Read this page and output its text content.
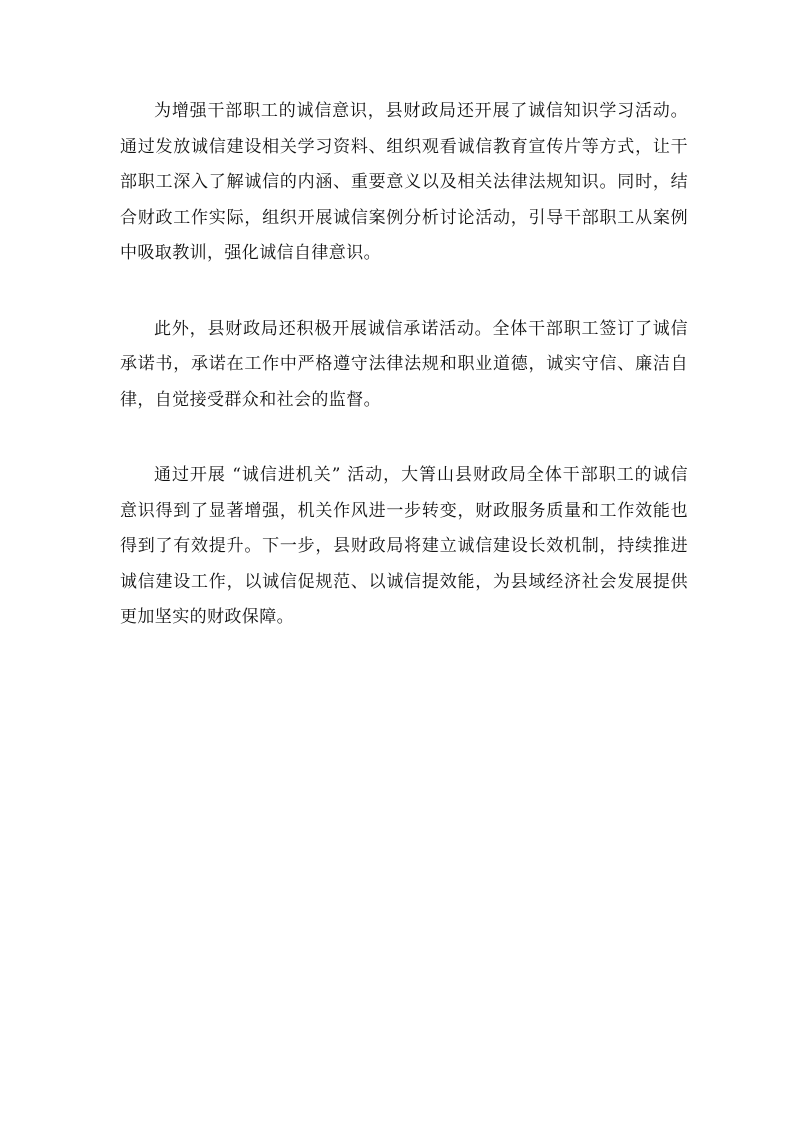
为增强干部职工的诚信意识，县财政局还开展了诚信知识学习活动。通过发放诚信建设相关学习资料、组织观看诚信教育宣传片等方式，让干部职工深入了解诚信的内涵、重要意义以及相关法律法规知识。同时，结合财政工作实际，组织开展诚信案例分析讨论活动，引导干部职工从案例中吸取教训，强化诚信自律意识。

此外，县财政局还积极开展诚信承诺活动。全体干部职工签订了诚信承诺书，承诺在工作中严格遵守法律法规和职业道德，诚实守信、廉洁自律，自觉接受群众和社会的监督。

通过开展 “诚信进机关” 活动，大箐山县财政局全体干部职工的诚信意识得到了显著增强，机关作风进一步转变，财政服务质量和工作效能也得到了有效提升。下一步，县财政局将建立诚信建设长效机制，持续推进诚信建设工作，以诚信促规范、以诚信提效能，为县域经济社会发展提供更加坚实的财政保障。
